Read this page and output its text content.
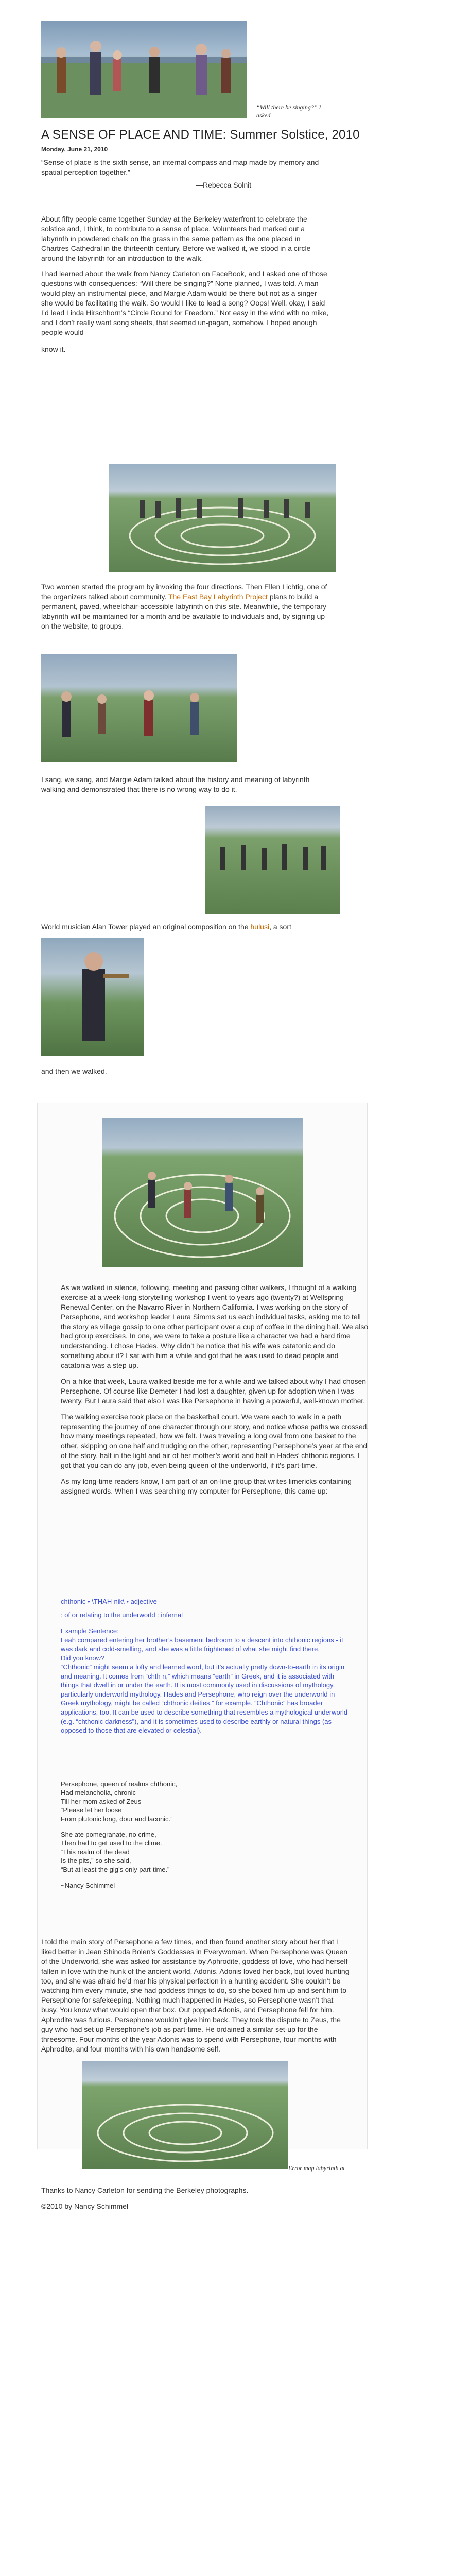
“Will there be singing?” I asked.
A SENSE OF PLACE AND TIME: Summer Solstice, 2010
Monday, June 21, 2010

“Sense of place is the sixth sense, an internal compass and map made by memory and spatial perception together.”

—Rebecca Solnit

About fifty people came together Sunday at the Berkeley waterfront to celebrate the solstice and, I think, to contribute to a sense of place. Volunteers had marked out a labyrinth in powdered chalk on the grass in the same pattern as the one placed in Chartres Cathedral in the thirteenth century. Before we walked it, we stood in a circle around the labyrinth for an introduction to the walk.

I had learned about the walk from Nancy Carleton on FaceBook, and I asked one of those questions with consequences: “Will there be singing?” None planned, I was told. A man would play an instrumental piece, and Margie Adam would be there but not as a singer—she would be facilitating the walk. So would I like to lead a song? Oops! Well, okay, I said I’d lead Linda Hirschhorn’s “Circle Round for Freedom.” Not easy in the wind with no mike, and I don’t really want song sheets, that seemed un-pagan, somehow. I hoped enough people would

know it.

Two women started the program by invoking the four directions. Then Ellen Lichtig, one of the organizers talked about community. The East Bay Labyrinth Project plans to build a permanent, paved, wheelchair-accessible labyrinth on this site. Meanwhile, the temporary labyrinth will be maintained for a month and be available to individuals and, by signing up on the website, to groups.

I sang, we sang, and Margie Adam talked about the history and meaning of labyrinth walking and demonstrated that there is no wrong way to do it.

World musician Alan Tower played an original composition on the hulusi, a sort

and then we walked.

As we walked in silence, following, meeting and passing other walkers, I thought of a walking exercise at a week-long storytelling workshop I went to years ago (twenty?) at Wellspring Renewal Center, on the Navarro River in Northern California. I was working on the story of Persephone, and workshop leader Laura Simms set us each individual tasks, asking me to tell the story as village gossip to one other participant over a cup of coffee in the dining hall. We also had group exercises. In one, we were to take a posture like a character we had a hard time understanding. I chose Hades. Why didn’t he notice that his wife was catatonic and do something about it? I sat with him a while and got that he was used to dead people and catatonia was a step up.

On a hike that week, Laura walked beside me for a while and we talked about why I had chosen Persephone. Of course like Demeter I had lost a daughter, given up for adoption when I was twenty. But Laura said that also I was like Persephone in having a powerful, well-known mother.

The walking exercise took place on the basketball court. We were each to walk in a path representing the journey of one character through our story, and notice whose paths we crossed, how many meetings repeated, how we felt. I was traveling a long oval from one basket to the other, skipping on one half and trudging on the other, representing Persephone’s year at the end of the story, half in the light and air of her mother’s world and half in Hades’ chthonic regions. I got that you can do any job, even being queen of the underworld, if it’s part-time.

As my long-time readers know, I am part of an on-line group that writes limericks containing assigned words. When I was searching my computer for Persephone, this came up:

chthonic • \THAH-nik\ • adjective
: of or relating to the underworld : infernal
Example Sentence:
Leah compared entering her brother’s basement bedroom to a descent into chthonic regions - it was dark and cold-smelling, and she was a little frightened of what she might find there.
Did you know?
“Chthonic” might seem a lofty and learned word, but it’s actually pretty down-to-earth in its origin and meaning. It comes from “chth n,” which means “earth” in Greek, and it is associated with things that dwell in or under the earth. It is most commonly used in discussions of mythology, particularly underworld mythology. Hades and Persephone, who reign over the underworld in Greek mythology, might be called “chthonic deities,” for example. “Chthonic” has broader applications, too. It can be used to describe something that resembles a mythological underworld (e.g. “chthonic darkness”), and it is sometimes used to describe earthly or natural things (as opposed to those that are elevated or celestial).
Persephone, queen of realms chthonic,
Had melancholia, chronic
Till her mom asked of Zeus
“Please let her loose
From plutonic long, dour and laconic.”
She ate pomegranate, no crime,
Then had to get used to the clime.
“This realm of the dead
Is the pits,” so she said,
“But at least the gig’s only part-time.”
~Nancy Schimmel

I told the main story of Persephone a few times, and then found another story about her that I liked better in Jean Shinoda Bolen’s Goddesses in Everywoman. When Persephone was Queen of the Underworld, she was asked for assistance by Aphrodite, goddess of love, who had herself fallen in love with the hunk of the ancient world, Adonis. Adonis loved her back, but loved hunting too, and she was afraid he’d mar his physical perfection in a hunting accident. She couldn’t be watching him every minute, she had goddess things to do, so she boxed him up and sent him to Persephone for safekeeping. Nothing much happened in Hades, so Persephone wasn’t that busy. You know what would open that box. Out popped Adonis, and Persephone fell for him. Aphrodite was furious. Persephone wouldn’t give him back. They took the dispute to Zeus, the guy who had set up Persephone’s job as part-time. He ordained a similar set-up for the threesome. Four months of the year Adonis was to spend with Persephone, four months with Aphrodite, and four months with his own handsome self.

Error map labyrinth at

Thanks to Nancy Carleton for sending the Berkeley photographs.

©2010 by Nancy Schimmel
